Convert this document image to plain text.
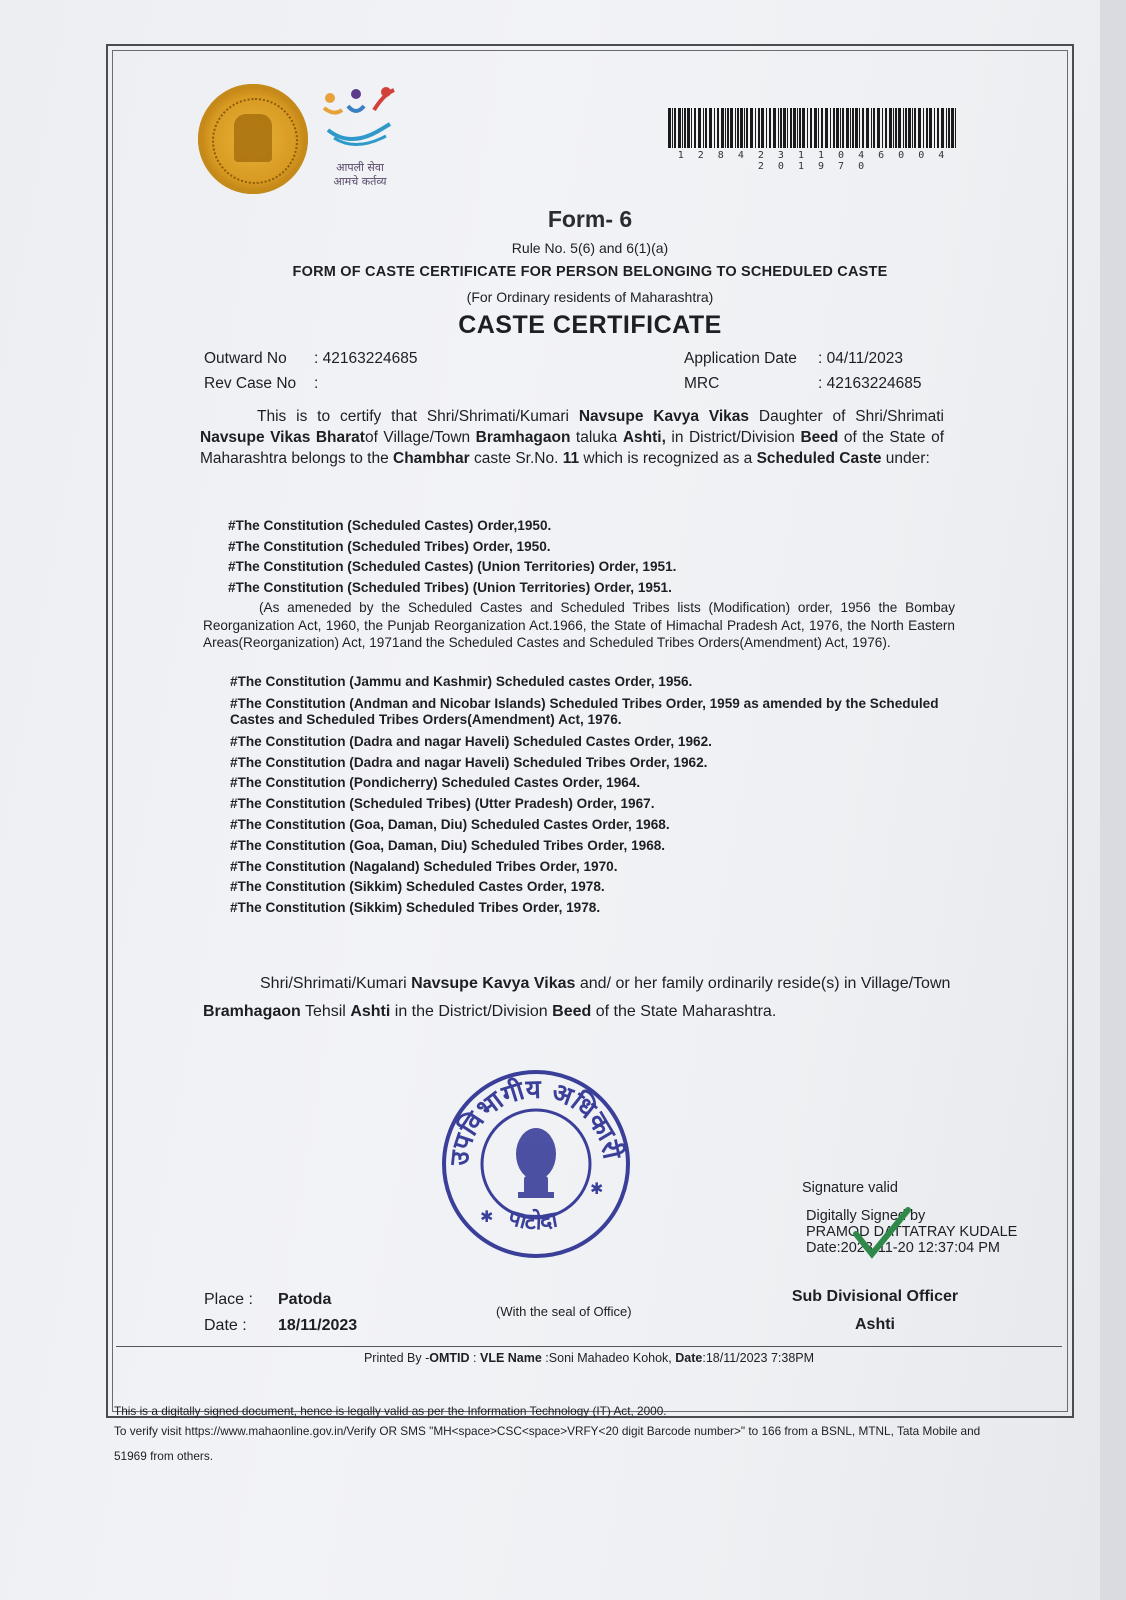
आपली सेवा
आमचे कर्तव्य
1 2 8 4 2 3 1 1 0 4 6 0 0 4 2 0 1 9 7 0
Form- 6
Rule No. 5(6) and 6(1)(a)
FORM OF CASTE CERTIFICATE FOR PERSON BELONGING TO SCHEDULED CASTE
(For Ordinary residents of Maharashtra)
CASTE CERTIFICATE
Outward No : 42163224685
Rev Case No :
Application Date : 04/11/2023
MRC	: 42163224685
This is to certify that Shri/Shrimati/Kumari Navsupe Kavya Vikas Daughter of Shri/Shrimati Navsupe Vikas Bharatof Village/Town Bramhagaon taluka Ashti, in District/Division Beed of the State of Maharashtra belongs to the Chambhar caste Sr.No. 11 which is recognized as a Scheduled Caste under:

#The Constitution (Scheduled Castes) Order,1950.

#The Constitution (Scheduled Tribes) Order, 1950.

#The Constitution (Scheduled Castes) (Union Territories) Order, 1951.

#The Constitution (Scheduled Tribes) (Union Territories) Order, 1951.

(As ameneded by the Scheduled Castes and Scheduled Tribes lists (Modification) order, 1956 the Bombay Reorganization Act, 1960, the Punjab Reorganization Act.1966, the State of Himachal Pradesh Act, 1976, the North Eastern Areas(Reorganization) Act, 1971and the Scheduled Castes and Scheduled Tribes Orders(Amendment) Act, 1976).

#The Constitution (Jammu and Kashmir) Scheduled castes Order, 1956.

#The Constitution (Andman and Nicobar Islands) Scheduled Tribes Order, 1959 as amended by the Scheduled Castes and Scheduled Tribes Orders(Amendment) Act, 1976.

#The Constitution (Dadra and nagar Haveli) Scheduled Castes Order, 1962.

#The Constitution (Dadra and nagar Haveli) Scheduled Tribes Order, 1962.

#The Constitution (Pondicherry) Scheduled Castes Order, 1964.

#The Constitution (Scheduled Tribes) (Utter Pradesh) Order, 1967.

#The Constitution (Goa, Daman, Diu) Scheduled Castes Order, 1968.

#The Constitution (Goa, Daman, Diu) Scheduled Tribes Order, 1968.

#The Constitution (Nagaland) Scheduled Tribes Order, 1970.

#The Constitution (Sikkim) Scheduled Castes Order, 1978.

#The Constitution (Sikkim) Scheduled Tribes Order, 1978.

Shri/Shrimati/Kumari Navsupe Kavya Vikas and/ or her family ordinarily reside(s) in Village/Town Bramhagaon Tehsil Ashti in the District/Division Beed of the State Maharashtra.
उपविभागीय अधिकारी
पाटोदा
✱
✱	Signature valid
Digitally Signed by
PRAMOD DATTATRAY KUDALE
Date:2023-11-20 12:37:04 PM
Place : Patoda
Date : 18/11/2023
(With the seal of Office)
Sub Divisional Officer
Ashti
Printed By -OMTID : VLE Name :Soni Mahadeo Kohok, Date:18/11/2023 7:38PM
This is a digitally signed document, hence is legally valid as per the Information Technology (IT) Act, 2000.
To verify visit https://www.mahaonline.gov.in/Verify OR SMS "MH<space>CSC<space>VRFY<20 digit Barcode number>" to 166 from a BSNL, MTNL, Tata Mobile and
51969 from others.
